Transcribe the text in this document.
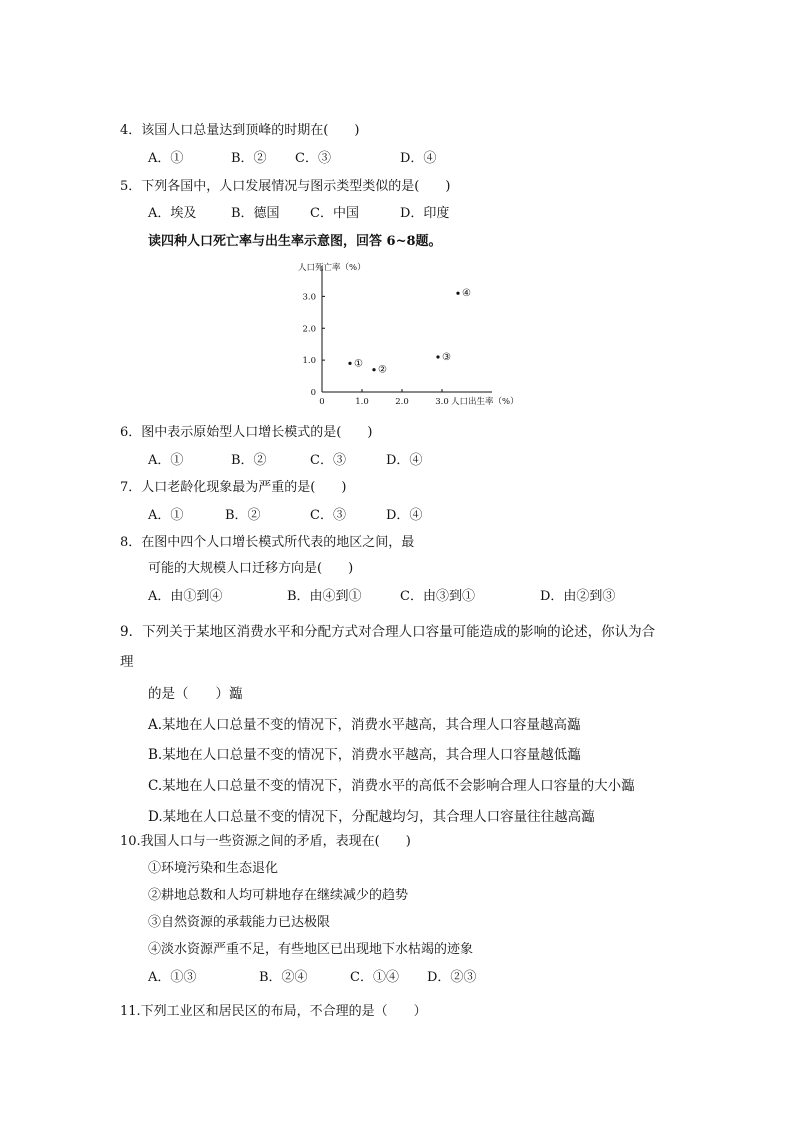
4．该国人口总量达到顶峰的时期在(　　)
A．①	B．② C．③	D．④
5．下列各国中，人口发展情况与图示类型类似的是(　　)
A．埃及	B．德国 C．中国	D．印度
读四种人口死亡率与出生率示意图，回答 6~8题。
人口死亡率（%）
0
1.0
2.0
3.0
0	1.0	2.0	3.0 人口出生率（%）
①
②
③
④
6．图中表示原始型人口增长模式的是(　　)
A．①	B．②	C．③	D．④
7．人口老龄化现象最为严重的是(　　)
A．①	B．②	C．③	D．④
8．在图中四个人口增长模式所代表的地区之间，最
可能的大规模人口迁移方向是(　　)
A．由①到④	B．由④到①	C．由③到①	D．由②到③
9．下列关于某地区消费水平和分配方式对合理人口容量可能造成的影响的论述，你认为合
理
的是（　　）瀶
A.某地在人口总量不变的情况下，消费水平越高，其合理人口容量越高瀶
B.某地在人口总量不变的情况下，消费水平越高，其合理人口容量越低瀶
C.某地在人口总量不变的情况下，消费水平的高低不会影响合理人口容量的大小瀶
D.某地在人口总量不变的情况下，分配越均匀，其合理人口容量往往越高瀶
10.我国人口与一些资源之间的矛盾，表现在(　　)
①环境污染和生态退化
②耕地总数和人均可耕地存在继续减少的趋势
③自然资源的承载能力已达极限
④淡水资源严重不足，有些地区已出现地下水枯竭的迹象
A．①③	B．②④	C．①④ D．②③
11.下列工业区和居民区的布局，不合理的是（　　）
